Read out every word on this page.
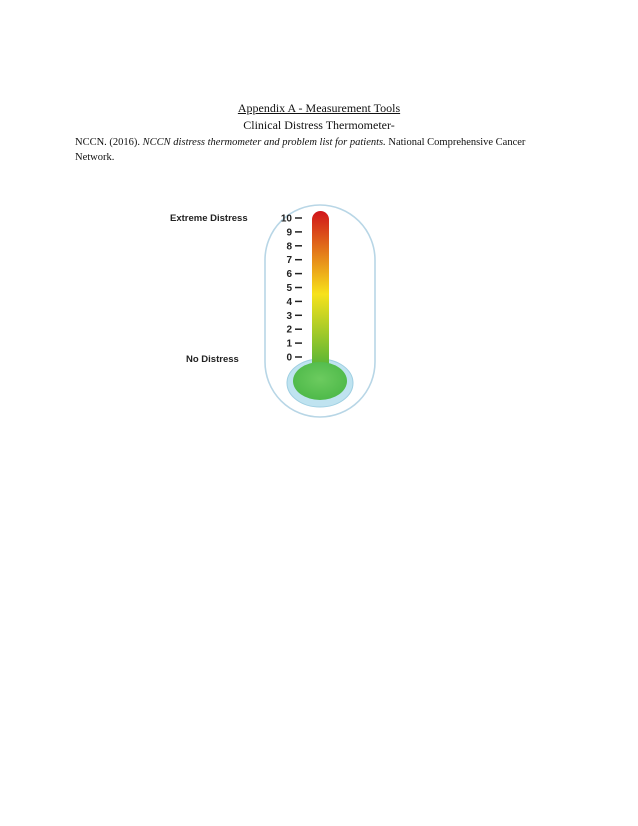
Appendix A - Measurement Tools
Clinical Distress Thermometer-
NCCN. (2016). NCCN distress thermometer and problem list for patients. National Comprehensive Cancer Network.
10
9
8
7
6
5
4
3
2
1
0
Extreme Distress
No Distress
